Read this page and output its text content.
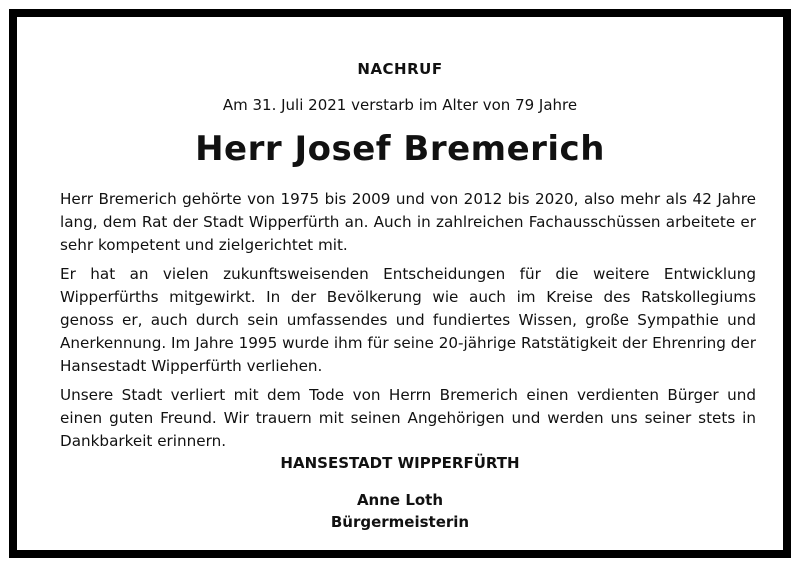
NACHRUF
Am 31. Juli 2021 verstarb im Alter von 79 Jahre
Herr Josef Bremerich

Herr Bremerich gehörte von 1975 bis 2009 und von 2012 bis 2020, also mehr als 42 Jahre lang, dem Rat der Stadt Wipperfürth an. Auch in zahlreichen Fachausschüssen arbeitete er sehr kompetent und zielgerichtet mit.

Er hat an vielen zukunftsweisenden Entscheidungen für die weitere Entwicklung Wipperfürths mitgewirkt. In der Bevölkerung wie auch im Kreise des Ratskollegiums genoss er, auch durch sein umfassendes und fundiertes Wissen, große Sympathie und Anerkennung. Im Jahre 1995 wurde ihm für seine 20-jährige Ratstätigkeit der Ehrenring der Hansestadt Wipperfürth verliehen.

Unsere Stadt verliert mit dem Tode von Herrn Bremerich einen verdienten Bürger und einen guten Freund. Wir trauern mit seinen Angehörigen und werden uns seiner stets in Dankbarkeit erinnern.

HANSESTADT WIPPERFÜRTH
Anne Loth
Bürgermeisterin
